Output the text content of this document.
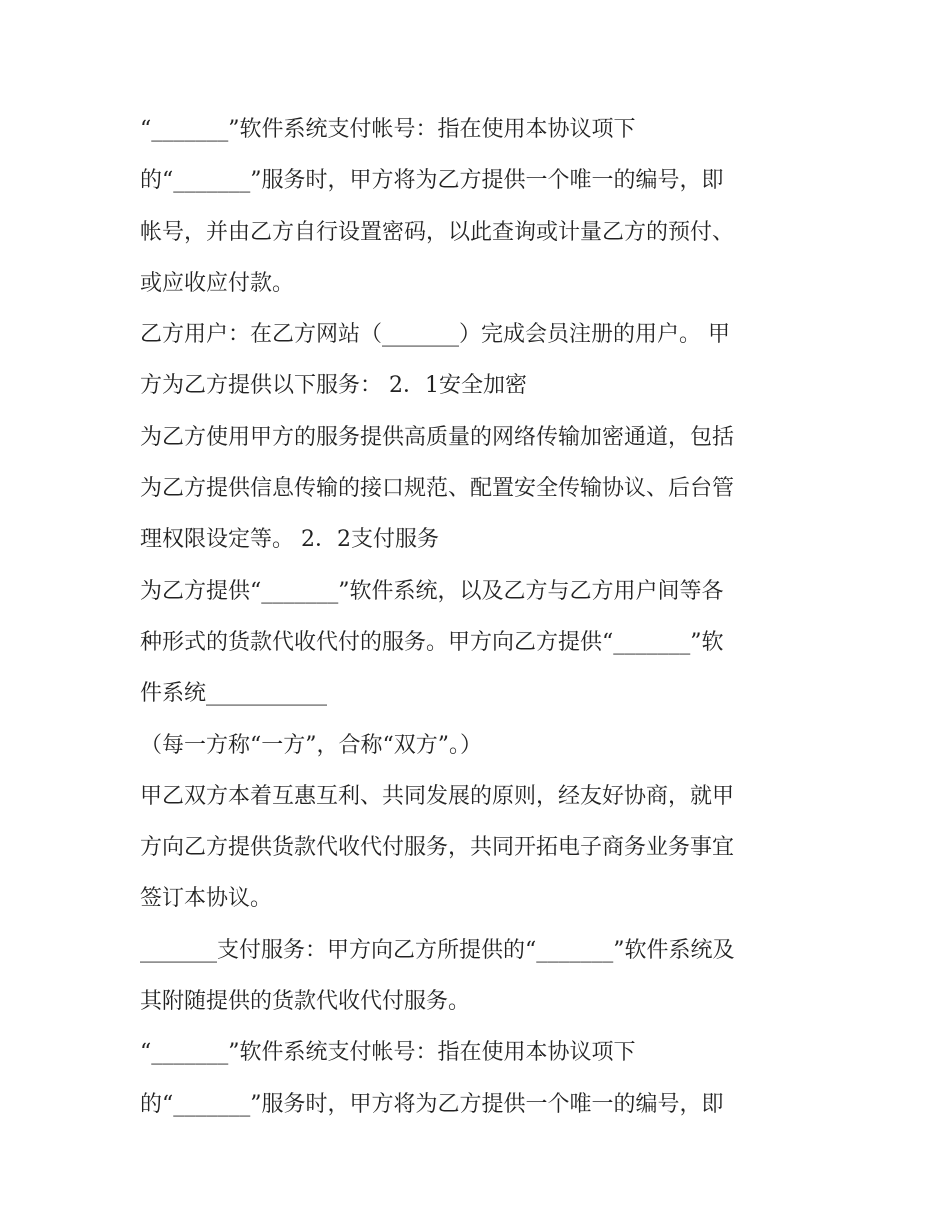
“_______”软件系统支付帐号：指在使用本协议项下
的“_______”服务时，甲方将为乙方提供一个唯一的编号，即
帐号，并由乙方自行设置密码，以此查询或计量乙方的预付、
或应收应付款。
乙方用户：在乙方网站（_______）完成会员注册的用户。 甲
方为乙方提供以下服务： 2．1安全加密
为乙方使用甲方的服务提供高质量的网络传输加密通道，包括
为乙方提供信息传输的接口规范、配置安全传输协议、后台管
理权限设定等。 2．2支付服务
为乙方提供“_______”软件系统，以及乙方与乙方用户间等各
种形式的货款代收代付的服务。甲方向乙方提供“_______”软
件系统___________
（每一方称“一方”，合称“双方”。）
甲乙双方本着互惠互利、共同发展的原则，经友好协商，就甲
方向乙方提供货款代收代付服务，共同开拓电子商务业务事宜
签订本协议。
_______支付服务：甲方向乙方所提供的“_______”软件系统及
其附随提供的货款代收代付服务。
“_______”软件系统支付帐号：指在使用本协议项下
的“_______”服务时，甲方将为乙方提供一个唯一的编号，即
